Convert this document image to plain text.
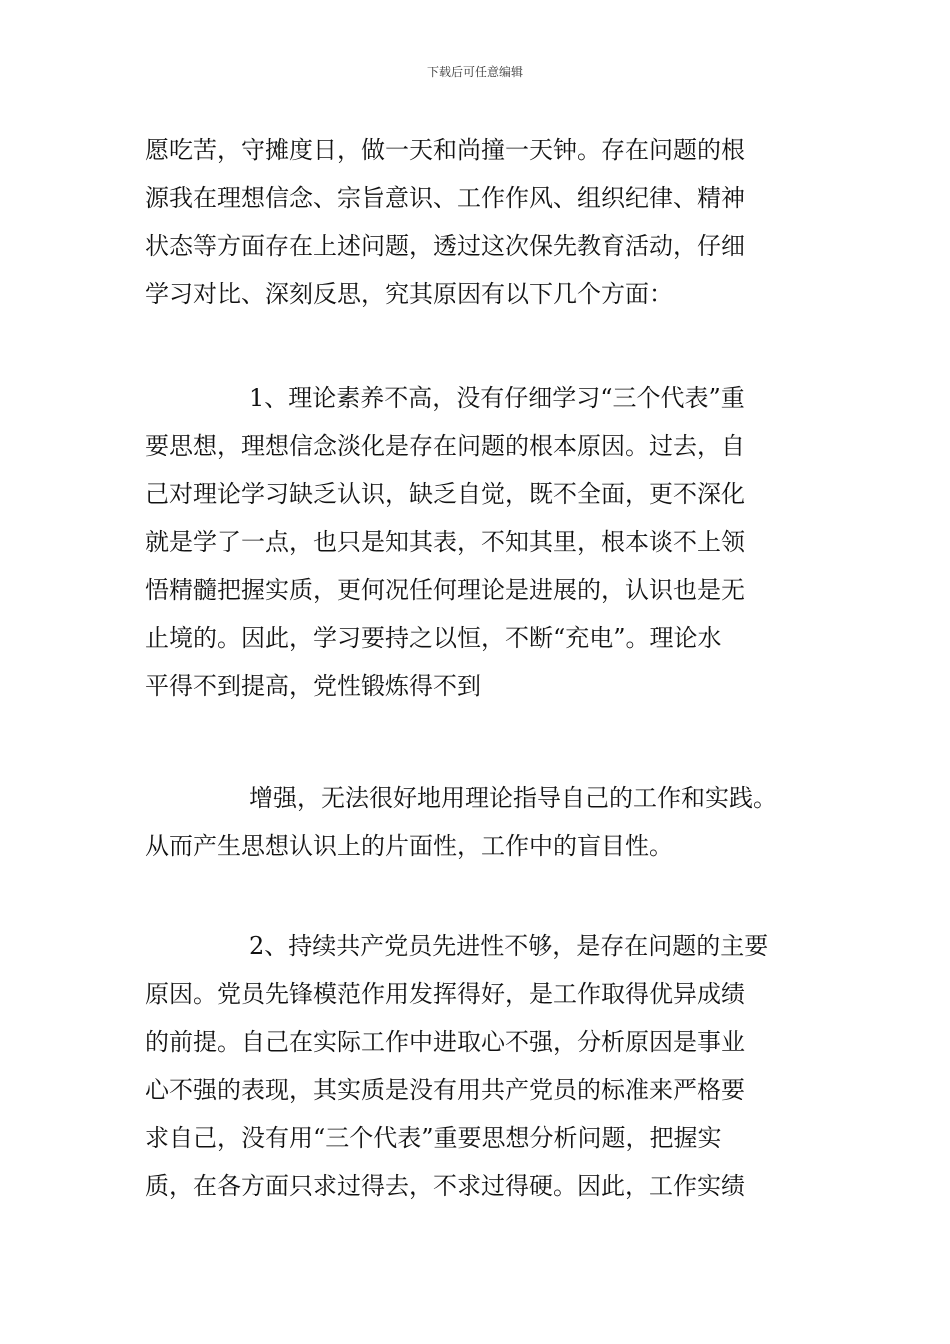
下载后可任意编辑
愿吃苦，守摊度日，做一天和尚撞一天钟。存在问题的根
源我在理想信念、宗旨意识、工作作风、组织纪律、精神
状态等方面存在上述问题，透过这次保先教育活动，仔细
学习对比、深刻反思，究其原因有以下几个方面：
1、理论素养不高，没有仔细学习“三个代表”重
要思想，理想信念淡化是存在问题的根本原因。过去，自
己对理论学习缺乏认识，缺乏自觉，既不全面，更不深化
就是学了一点，也只是知其表，不知其里，根本谈不上领
悟精髓把握实质，更何况任何理论是进展的，认识也是无
止境的。因此，学习要持之以恒，不断“充电”。理论水
平得不到提高，党性锻炼得不到
增强，无法很好地用理论指导自己的工作和实践。
从而产生思想认识上的片面性，工作中的盲目性。
2、持续共产党员先进性不够，是存在问题的主要
原因。党员先锋模范作用发挥得好，是工作取得优异成绩
的前提。自己在实际工作中进取心不强，分析原因是事业
心不强的表现，其实质是没有用共产党员的标准来严格要
求自己，没有用“三个代表”重要思想分析问题，把握实
质，在各方面只求过得去，不求过得硬。因此，工作实绩
